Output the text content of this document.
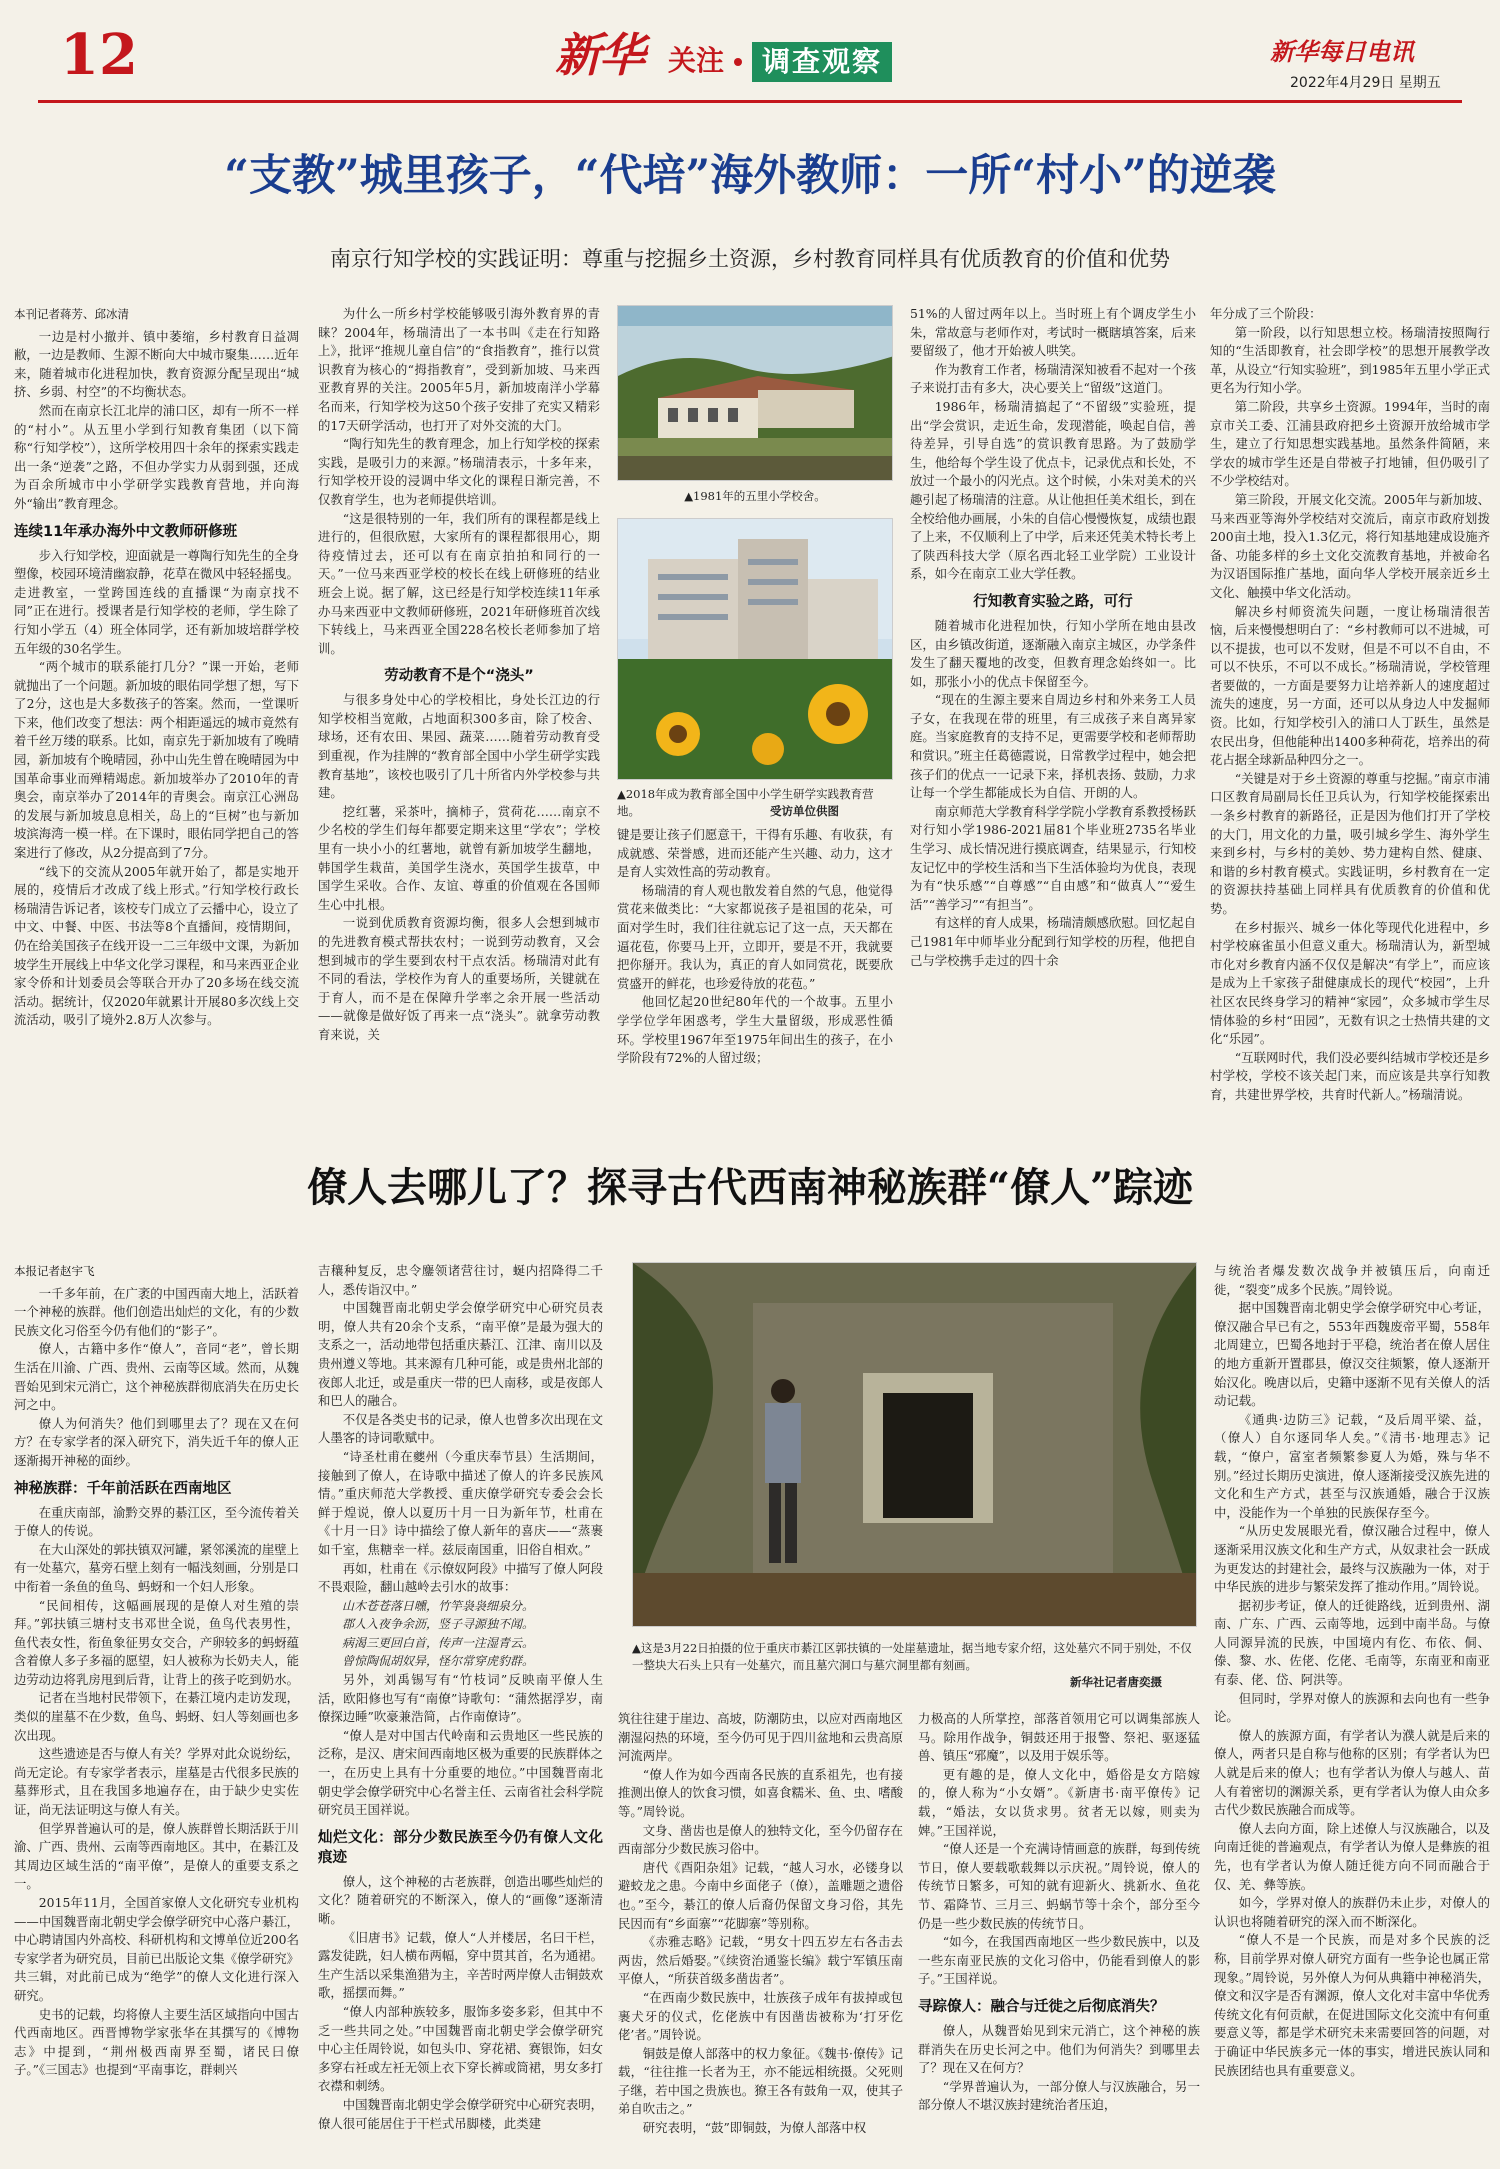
12	新华 关注	调查观察	新华每日电讯
2022年4月29日 星期五
“支教”城里孩子，“代培”海外教师：一所“村小”的逆袭
南京行知学校的实践证明：尊重与挖掘乡土资源，乡村教育同样具有优质教育的价值和优势
本刊记者蒋芳、邱冰清

一边是村小撤并、镇中萎缩，乡村教育日益凋敝，一边是教师、生源不断向大中城市聚集……近年来，随着城市化进程加快，教育资源分配呈现出“城挤、乡弱、村空”的不均衡状态。

然而在南京长江北岸的浦口区，却有一所不一样的“村小”。从五里小学到行知教育集团（以下简称“行知学校”），这所学校用四十余年的探索实践走出一条“逆袭”之路，不但办学实力从弱到强，还成为百余所城市中小学研学实践教育营地，并向海外“输出”教育理念。

连续11年承办海外中文教师研修班

步入行知学校，迎面就是一尊陶行知先生的全身塑像，校园环境清幽寂静，花草在微风中轻轻摇曳。走进教室，一堂跨国连线的直播课“为南京找不同”正在进行。授课者是行知学校的老师，学生除了行知小学五（4）班全体同学，还有新加坡培群学校五年级的30名学生。

“两个城市的联系能打几分？”课一开始，老师就抛出了一个问题。新加坡的眼佑同学想了想，写下了2分，这也是大多数孩子的答案。然而，一堂课听下来，他们改变了想法：两个相距遥远的城市竟然有着千丝万缕的联系。比如，南京先于新加坡有了晚晴园，新加坡有个晚晴园，孙中山先生曾在晚晴园为中国革命事业而殚精竭虑。新加坡举办了2010年的青奥会，南京举办了2014年的青奥会。南京江心洲岛的发展与新加坡息息相关，岛上的“巨树”也与新加坡滨海湾一模一样。在下课时，眼佑同学把自己的答案进行了修改，从2分提高到了7分。

“线下的交流从2005年就开始了，都是实地开展的，疫情后才改成了线上形式。”行知学校行政长杨瑞清告诉记者，该校专门成立了云播中心，设立了中文、中餐、中医、书法等8个直播间，疫情期间，仍在给美国孩子在线开设一二三年级中文课，为新加坡学生开展线上中华文化学习课程，和马来西亚企业家令侨和计划委员会等联合开办了20多场在线交流活动。据统计，仅2020年就累计开展80多次线上交流活动，吸引了境外2.8万人次参与。

为什么一所乡村学校能够吸引海外教育界的青睐？2004年，杨瑞清出了一本书叫《走在行知路上》，批评“推规儿童自信”的“食指教育”，推行以赏识教育为核心的“拇指教育”，受到新加坡、马来西亚教育界的关注。2005年5月，新加坡南洋小学幕名而来，行知学校为这50个孩子安排了充实又精彩的17天研学活动，也打开了对外交流的大门。

“陶行知先生的教育理念，加上行知学校的探索实践，是吸引力的来源。”杨瑞清表示，十多年来，行知学校开设的浸调中华文化的课程日渐完善，不仅教育学生，也为老师提供培训。

“这是很特别的一年，我们所有的课程都是线上进行的，但很欣慰，大家所有的课程都很用心，期待疫情过去，还可以有在南京拍拍和同行的一天。”一位马来西亚学校的校长在线上研修班的结业班会上说。据了解，这已经是行知学校连续11年承办马来西亚中文教师研修班，2021年研修班首次线下转线上，马来西亚全国228名校长老师参加了培训。

劳动教育不是个“浇头”

与很多身处中心的学校相比，身处长江边的行知学校相当宽敞，占地面积300多亩，除了校舍、球场，还有农田、果园、蔬菜……随着劳动教育受到重视，作为挂牌的“教育部全国中小学生研学实践教育基地”，该校也吸引了几十所省内外学校参与共建。

挖红薯，采茶叶，摘柿子，赏荷花……南京不少名校的学生们每年都要定期来这里“学农”；学校里有一块小小的红薯地，就曾有新加坡学生翻地，韩国学生栽苗，美国学生浇水，英国学生拔草，中国学生采收。合作、友谊、尊重的价值观在各国师生心中扎根。

一说到优质教育资源均衡，很多人会想到城市的先进教育模式帮扶农村；一说到劳动教育，又会想到城市的学生要到农村干点农活。杨瑞清对此有不同的看法，学校作为育人的重要场所，关键就在于育人，而不是在保障升学率之余开展一些活动——就像是做好饭了再来一点“浇头”。就拿劳动教育来说，关

▲1981年的五里小学校舍。
▲2018年成为教育部全国中小学生研学实践教育营地。	受访单位供图

键是要让孩子们愿意干，干得有乐趣、有收获，有成就感、荣誉感，进而还能产生兴趣、动力，这才是育人实效性高的劳动教育。

杨瑞清的育人观也散发着自然的气息，他觉得赏花来做类比：“大家都说孩子是祖国的花朵，可面对学生时，我们往往就忘记了这一点，天天都在逼花苞，你要马上开，立即开，要是不开，我就要把你掰开。我认为，真正的育人如同赏花，既要欣赏盛开的鲜花，也珍爱待放的花苞。”

他回忆起20世纪80年代的一个故事。五里小学学位学年困惑考，学生大量留级，形成恶性循环。学校里1967年至1975年间出生的孩子，在小学阶段有72%的人留过级；

51%的人留过两年以上。当时班上有个调皮学生小朱，常故意与老师作对，考试时一概瞎填答案，后来要留级了，他才开始被人哄笑。

作为教育工作者，杨瑞清深知被看不起对一个孩子来说打击有多大，决心要关上“留级”这道门。

1986年，杨瑞清搞起了“不留级”实验班，提出“学会赏识，走近生命，发现潜能，唤起自信，善待差异，引导自选”的赏识教育思路。为了鼓励学生，他给每个学生设了优点卡，记录优点和长处，不放过一个最小的闪光点。这个时候，小朱对美术的兴趣引起了杨瑞清的注意。从让他担任美术组长，到在全校给他办画展，小朱的自信心慢慢恢复，成绩也跟了上来，不仅顺利上了中学，后来还凭美术特长考上了陕西科技大学（原名西北轻工业学院）工业设计系，如今在南京工业大学任教。

行知教育实验之路，可行

随着城市化进程加快，行知小学所在地由县改区，由乡镇改街道，逐渐融入南京主城区，办学条件发生了翻天覆地的改变，但教育理念始终如一。比如，那张小小的优点卡保留至今。

“现在的生源主要来自周边乡村和外来务工人员子女，在我现在带的班里，有三成孩子来自离异家庭。当家庭教育的支持不足，更需要学校和老师帮助和赏识。”班主任葛德霞说，日常教学过程中，她会把孩子们的优点一一记录下来，择机表扬、鼓励，力求让每一个学生都能成长为自信、开朗的人。

南京师范大学教育科学学院小学教育系教授杨跃对行知小学1986-2021届81个毕业班2735名毕业生学习、成长情况进行摸底调查，结果显示，行知校友记忆中的学校生活和当下生活体验均为优良，表现为有“快乐感”“自尊感”“自由感”和“做真人”“爱生活”“善学习”“有担当”。

有这样的育人成果，杨瑞清颇感欣慰。回忆起自己1981年中师毕业分配到行知学校的历程，他把自己与学校携手走过的四十余

年分成了三个阶段：

第一阶段，以行知思想立校。杨瑞清按照陶行知的“生活即教育，社会即学校”的思想开展教学改革，从设立“行知实验班”，到1985年五里小学正式更名为行知小学。

第二阶段，共享乡土资源。1994年，当时的南京市关工委、江浦县政府把乡土资源开放给城市学生，建立了行知思想实践基地。虽然条件简陋，来学农的城市学生还是自带被子打地铺，但仍吸引了不少学校结对。

第三阶段，开展文化交流。2005年与新加坡、马来西亚等海外学校结对交流后，南京市政府划拨200亩土地，投入1.3亿元，将行知基地建成设施齐备、功能多样的乡土文化交流教育基地，并被命名为汉语国际推广基地，面向华人学校开展亲近乡土文化、触摸中华文化活动。

解决乡村师资流失问题，一度让杨瑞清很苦恼，后来慢慢想明白了：“乡村教师可以不进城，可以不提拔，也可以不发财，但是不可以不自由，不可以不快乐，不可以不成长。”杨瑞清说，学校管理者要做的，一方面是要努力让培养新人的速度超过流失的速度，另一方面，还可以从身边人中发掘师资。比如，行知学校引入的浦口人丁跃生，虽然是农民出身，但他能种出1400多种荷花，培养出的荷花占据全球新品种四分之一。

“关键是对于乡土资源的尊重与挖掘。”南京市浦口区教育局副局长任卫兵认为，行知学校能探索出一条乡村教育的新路径，正是因为他们打开了学校的大门，用文化的力量，吸引城乡学生、海外学生来到乡村，与乡村的美妙、势力建构自然、健康、和谐的乡村教育模式。实践证明，乡村教育在一定的资源扶持基础上同样具有优质教育的价值和优势。

在乡村振兴、城乡一体化等现代化进程中，乡村学校麻雀虽小但意义重大。杨瑞清认为，新型城市化对乡教育内涵不仅仅是解决“有学上”，而应该是成为上千家孩子甜健康成长的现代“校园”，上升社区农民终身学习的精神“家园”，众多城市学生尽情体验的乡村“田园”，无数有识之士热情共建的文化“乐园”。

“互联网时代，我们没必要纠结城市学校还是乡村学校，学校不该关起门来，而应该是共享行知教育，共建世界学校，共育时代新人。”杨瑞清说。

僚人去哪儿了？探寻古代西南神秘族群“僚人”踪迹
本报记者赵宇飞

一千多年前，在广袤的中国西南大地上，活跃着一个神秘的族群。他们创造出灿烂的文化，有的少数民族文化习俗至今仍有他们的“影子”。

僚人，古籍中多作“僚人”，音同“老”，曾长期生活在川渝、广西、贵州、云南等区域。然而，从魏晋始见到宋元消亡，这个神秘族群彻底消失在历史长河之中。

僚人为何消失？他们到哪里去了？现在又在何方？在专家学者的深入研究下，消失近千年的僚人正逐渐揭开神秘的面纱。

神秘族群：千年前活跃在西南地区

在重庆南部，渝黔交界的綦江区，至今流传着关于僚人的传说。

在大山深处的郭扶镇双河罐，紧邻溪流的崖壁上有一处墓穴，墓旁石壁上刻有一幅浅刻画，分别是口中衔着一条鱼的鱼鸟、蚂蚜和一个妇人形象。

“民间相传，这幅画展现的是僚人对生殖的崇拜。”郭扶镇三塘村支书邓世全说，鱼鸟代表男性，鱼代表女性，衔鱼象征男女交合，产卵较多的蚂蚜蕴含着僚人多子多福的愿望，妇人被称为长奶夫人，能边劳动边将乳房甩到后背，让背上的孩子吃到奶水。

记者在当地村民带领下，在綦江境内走访发现，类似的崖墓不在少数，鱼鸟、蚂蚜、妇人等刻画也多次出现。

这些遗迹是否与僚人有关？学界对此众说纷纭，尚无定论。有专家学者表示，崖墓是古代很多民族的墓葬形式，且在我国多地遍存在，由于缺少史实佐证，尚无法证明这与僚人有关。

但学界普遍认可的是，僚人族群曾长期活跃于川渝、广西、贵州、云南等西南地区。其中，在綦江及其周边区域生活的“南平僚”，是僚人的重要支系之一。

2015年11月，全国首家僚人文化研究专业机构——中国魏晋南北朝史学会僚学研究中心落户綦江，中心聘请国内外高校、科研机构和文博单位近200名专家学者为研究员，目前已出版论文集《僚学研究》共三辑，对此前已成为“绝学”的僚人文化进行深入研究。

史书的记载，均将僚人主要生活区域指向中国古代西南地区。西晋博物学家张华在其撰写的《博物志》中提到，“荆州极西南界至蜀，诸民曰僚子。”《三国志》也提到“平南事讫，群刺兴

吉穰种复反，忠令鏖领诸营往讨，蜒内招降得二千人，悉传诣汉中。”

中国魏晋南北朝史学会僚学研究中心研究员表明，僚人共有20余个支系，“南平僚”是最为强大的支系之一，活动地带包括重庆綦江、江津、南川以及贵州遵义等地。其来源有几种可能，或是贵州北部的夜郎人北迁，或是重庆一带的巴人南移，或是夜郎人和巴人的融合。

不仅是各类史书的记录，僚人也曾多次出现在文人墨客的诗词歌赋中。

“诗圣杜甫在夔州（今重庆奉节县）生活期间，接触到了僚人，在诗歌中描述了僚人的许多民族风情。”重庆师范大学教授、重庆僚学研究专委会会长鲜于煌说，僚人以夏历十月一日为新年节，杜甫在《十月一日》诗中描绘了僚人新年的喜庆——“蒸裹如千室，焦糖幸一样。兹辰南国重，旧俗自相欢。”

再如，杜甫在《示僚奴阿段》中描写了僚人阿段不畏艰险，翻山越岭去引水的故事：

山木苍苍落日曛，竹竿袅袅细泉分。
郡人入夜争余沥，竖子寻源独不闻。
病渴三更回白首，传声一注湿青云。
曾惊陶侃胡奴异，怪尔常穿虎豹群。

另外，刘禹锡写有“竹枝词”反映南平僚人生活，欧阳修也写有“南僚”诗歌句：“蒲然据浮岁，南僚探边睡”吹豪兼浩简，占作南僚诗”。

“僚人是对中国古代岭南和云贵地区一些民族的泛称，是汉、唐宋间西南地区极为重要的民族群体之一，在历史上具有十分重要的地位。”中国魏晋南北朝史学会僚学研究中心名誉主任、云南省社会科学院研究员王国祥说。

灿烂文化：部分少数民族至今仍有僚人文化痕迹

僚人，这个神秘的古老族群，创造出哪些灿烂的文化？随着研究的不断深入，僚人的“画像”逐渐清晰。

《旧唐书》记载，僚人“人并楼居，名曰干栏，露发徒跣，妇人横布两幅，穿中贯其首，名为通裙。生产生活以采集渔猎为主，辛苦时两岸僚人击铜鼓欢歌，摇摆而舞。”

“僚人内部种族较多，服饰多姿多彩，但其中不乏一些共同之处。”中国魏晋南北朝史学会僚学研究中心主任周铃说，如包头巾、穿花裙、赛银饰，妇女多穿右衽或左衽无领上衣下穿长裤或筒裙，男女多打衣襟和刺绣。

中国魏晋南北朝史学会僚学研究中心研究表明，僚人很可能居住于干栏式吊脚楼，此类建

▲这是3月22日拍摄的位于重庆市綦江区郭扶镇的一处崖墓遗址，据当地专家介绍，这处墓穴不同于别处，不仅一整块大石头上只有一处墓穴，而且墓穴洞口与墓穴洞里都有刻画。
新华社记者唐奕摄

筑往往建于崖边、高坡，防潮防虫，以应对西南地区潮湿闷热的环境，至今仍可见于四川盆地和云贵高原河流两岸。

“僚人作为如今西南各民族的直系祖先，也有接推测出僚人的饮食习惯，如喜食糯米、鱼、虫、嗜酸等。”周铃说。

文身、凿齿也是僚人的独特文化，至今仍留存在西南部分少数民族习俗中。

唐代《酉阳杂俎》记载，“越人习水，必镂身以避蛟龙之患。今南中乡面佬子（僚），盖雕题之遗俗也。”至今，綦江的僚人后裔仍保留文身习俗，其先民因而有“乡面寨”“花脚寨”等别称。

《赤雅志略》记载，“男女十四五岁左右各击去两齿，然后婚娶。”《续资治通鉴长编》载宁军镇压南平僚人，“所获首级多凿齿者”。

“在西南少数民族中，壮族孩子成年有拔掉或包裹犬牙的仪式，仡佬族中有因凿齿被称为‘打牙仡佬’者。”周铃说。

铜鼓是僚人部落中的权力象征。《魏书·僚传》记载，“往往推一长者为王，亦不能远相统摄。父死则子继，若中国之贵族也。獠王各有鼓角一双，使其子弟自吹击之。”

研究表明，“鼓”即铜鼓，为僚人部落中权

力极高的人所掌控，部落首领用它可以调集部族人马。除用作战争，铜鼓还用于报警、祭祀、驱逐猛兽、镇压“邪魔”，以及用于娱乐等。

更有趣的是，僚人文化中，婚俗是女方陪嫁的，僚人称为“小女婿”。《新唐书·南平僚传》记载，“婚法，女以货求男。贫者无以嫁，则卖为婢。”王国祥说，

“僚人还是一个充满诗情画意的族群，每到传统节日，僚人要载歌载舞以示庆祝。”周铃说，僚人的传统节日繁多，可知的就有迎新火、挑新水、鱼花节、霜降节、三月三、蚂蜗节等十余个，部分至今仍是一些少数民族的传统节日。

“如今，在我国西南地区一些少数民族中，以及一些东南亚民族的文化习俗中，仍能看到僚人的影子。”王国祥说。

寻踪僚人：融合与迁徙之后彻底消失？

僚人，从魏晋始见到宋元消亡，这个神秘的族群消失在历史长河之中。他们为何消失？到哪里去了？现在又在何方？

“学界普遍认为，一部分僚人与汉族融合，另一部分僚人不堪汉族封建统治者压迫，

与统治者爆发数次战争并被镇压后，向南迁徙，“裂变”成多个民族。”周铃说。

据中国魏晋南北朝史学会僚学研究中心考证，僚汉融合早已有之，553年西魏废帝平蜀，558年北周建立，巴蜀各地封于平稳，统治者在僚人居住的地方重新开置郡县，僚汉交往频繁，僚人逐渐开始汉化。晚唐以后，史籍中逐渐不见有关僚人的活动记载。

《通典·边防三》记载，“及后周平梁、益，（僚人）自尔逐同华人矣。”《清书·地理志》记载，“僚户，富室者频繁参夏人为婚，殊与华不别。”经过长期历史演进，僚人逐渐接受汉族先进的文化和生产方式，甚至与汉族通婚，融合于汉族中，没能作为一个单独的民族保存至今。

“从历史发展眼光看，僚汉融合过程中，僚人逐渐采用汉族文化和生产方式，从奴隶社会一跃成为更发达的封建社会，最终与汉族融为一体，对于中华民族的进步与繁荣发挥了推动作用。”周铃说。

据初步考证，僚人的迁徙路线，近到贵州、湖南、广东、广西、云南等地，远到中南半岛。与僚人同源异流的民族，中国境内有仡、布依、侗、傣、黎、水、佐佬、仡佬、毛南等，东南亚和南亚有泰、佬、岱、阿洪等。

但同时，学界对僚人的族源和去向也有一些争论。

僚人的族源方面，有学者认为濮人就是后来的僚人，两者只是自称与他称的区别；有学者认为巴人就是后来的僚人；也有学者认为僚人与越人、苗人有着密切的渊源关系，更有学者认为僚人由众多古代少数民族融合而成等。

僚人去向方面，除上述僚人与汉族融合，以及向南迁徙的普遍观点，有学者认为僚人是彝族的祖先，也有学者认为僚人随迁徙方向不同而融合于仅、羌、彝等族。

如今，学界对僚人的族群仍未止步，对僚人的认识也将随着研究的深入而不断深化。

“僚人不是一个民族，而是对多个民族的泛称，目前学界对僚人研究方面有一些争论也属正常现象。”周铃说，另外僚人为何从典籍中神秘消失，僚文和汉字是否有渊源，僚人文化对丰富中华优秀传统文化有何贡献，在促进国际文化交流中有何重要意义等，都是学术研究未来需要回答的问题，对于确证中华民族多元一体的事实，增进民族认同和民族团结也具有重要意义。
